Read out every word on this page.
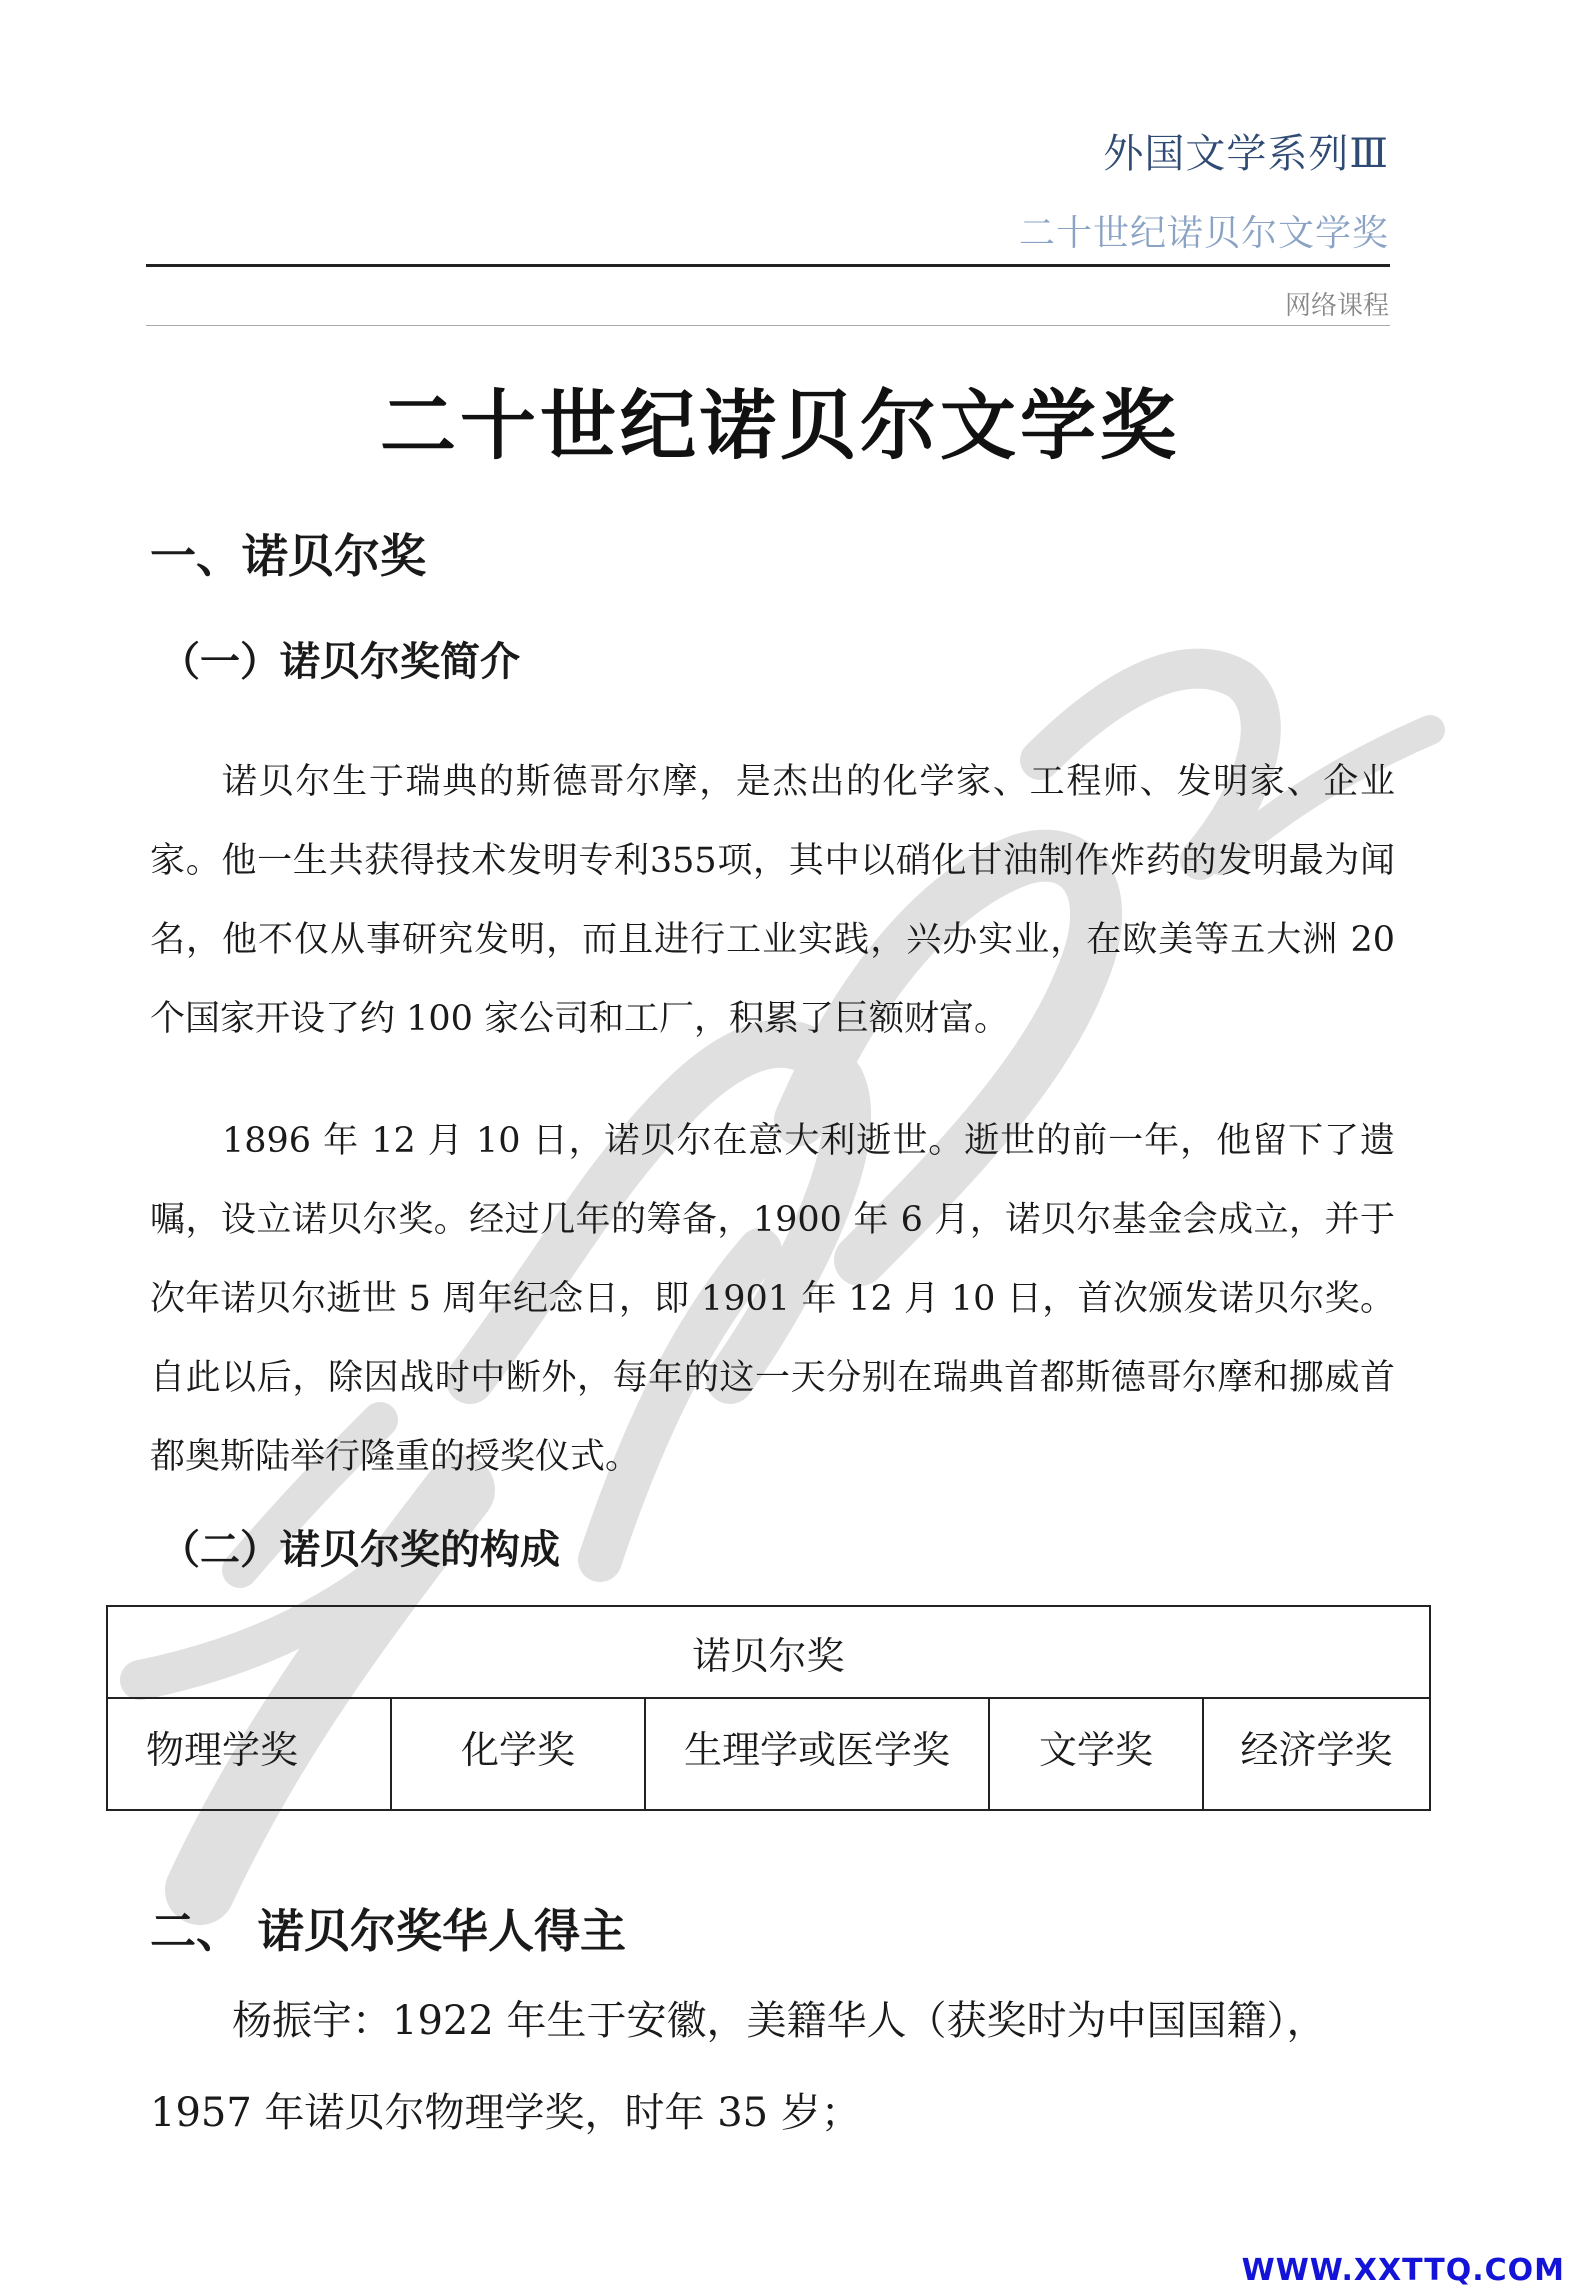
外国文学系列Ⅲ
二十世纪诺贝尔文学奖
网络课程
二十世纪诺贝尔文学奖
一、诺贝尔奖
（一）诺贝尔奖简介
诺贝尔生于瑞典的斯德哥尔摩，是杰出的化学家、工程师、发明家、企业家。他一生共获得技术发明专利355项，其中以硝化甘油制作炸药的发明最为闻名，他不仅从事研究发明，而且进行工业实践，兴办实业，在欧美等五大洲 20 个国家开设了约 100 家公司和工厂，积累了巨额财富。
1896 年 12 月 10 日，诺贝尔在意大利逝世。逝世的前一年，他留下了遗嘱，设立诺贝尔奖。经过几年的筹备，1900 年 6 月，诺贝尔基金会成立，并于次年诺贝尔逝世 5 周年纪念日，即 1901 年 12 月 10 日，首次颁发诺贝尔奖。自此以后，除因战时中断外，每年的这一天分别在瑞典首都斯德哥尔摩和挪威首都奥斯陆举行隆重的授奖仪式。
（二）诺贝尔奖的构成
诺贝尔奖
物理学奖	化学奖	生理学或医学奖	文学奖	经济学奖
二、 诺贝尔奖华人得主
杨振宇：1922 年生于安徽，美籍华人（获奖时为中国国籍），1957 年诺贝尔物理学奖，时年 35 岁；
WWW.XXTTQ.COM
